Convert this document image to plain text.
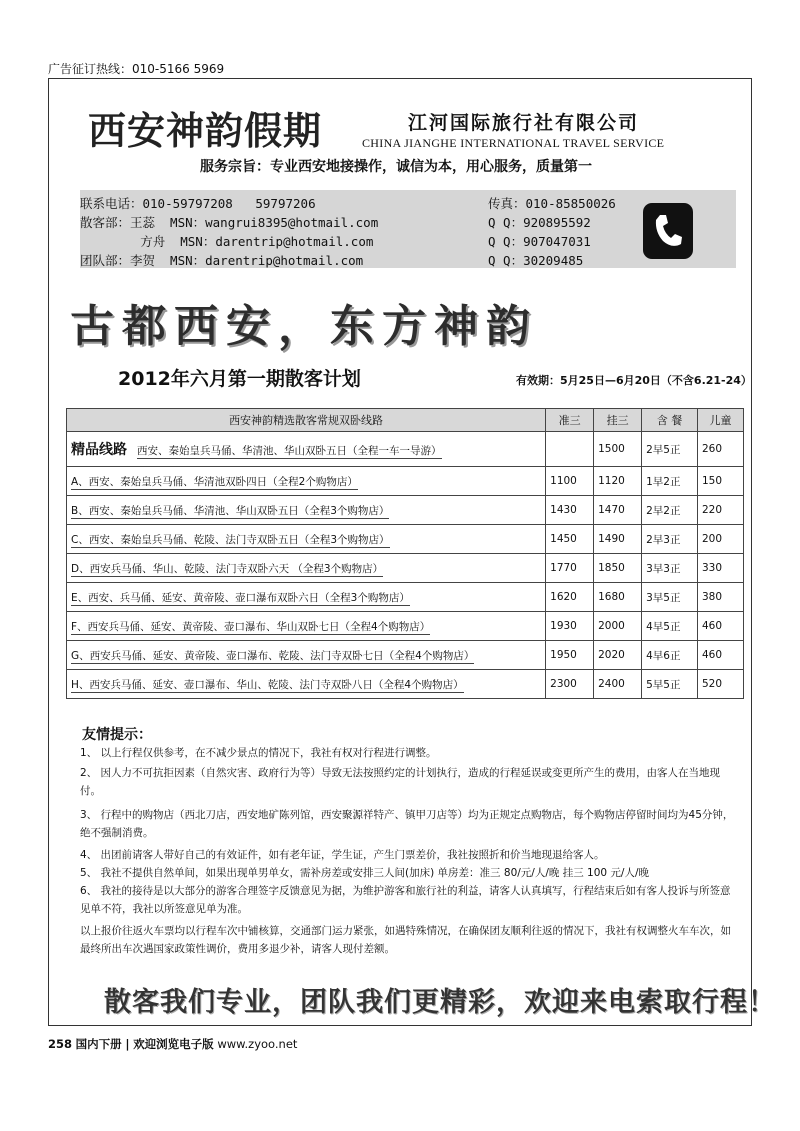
广告征订热线：010-5166 5969
西安神韵假期	江河国际旅行社有限公司
CHINA JIANGHE INTERNATIONAL TRAVEL SERVICE
服务宗旨：专业西安地接操作，诚信为本，用心服务，质量第一
联系电话：010-59797208   59797206	传真：010-85850026
散客部：王蕊  MSN：wangrui8395@hotmail.com	Q Q：920895592
方舟  MSN：darentrip@hotmail.com	Q Q：907047031
团队部：李贺  MSN：darentrip@hotmail.com	Q Q：30209485
古都西安，东方神韵
2012年六月第一期散客计划	有效期：5月25日—6月20日（不含6.21-24）
西安神韵精选散客常规双卧线路	准三	挂三	含 餐	儿童
精品线路 西安、秦始皇兵马俑、华清池、华山双卧五日（全程一车一导游）		1500	2早5正	260
A、西安、秦始皇兵马俑、华清池双卧四日（全程2个购物店）	1100	1120	1早2正	150
B、西安、秦始皇兵马俑、华清池、华山双卧五日（全程3个购物店）	1430	1470	2早2正	220
C、西安、秦始皇兵马俑、乾陵、法门寺双卧五日（全程3个购物店）	1450	1490	2早3正	200
D、西安兵马俑、华山、乾陵、法门寺双卧六天 （全程3个购物店）	1770	1850	3早3正	330
E、西安、兵马俑、延安、黄帝陵、壶口瀑布双卧六日（全程3个购物店）	1620	1680	3早5正	380
F、西安兵马俑、延安、黄帝陵、壶口瀑布、华山双卧七日（全程4个购物店）	1930	2000	4早5正	460
G、西安兵马俑、延安、黄帝陵、壶口瀑布、乾陵、法门寺双卧七日（全程4个购物店）	1950	2020	4早6正	460
H、西安兵马俑、延安、壶口瀑布、华山、乾陵、法门寺双卧八日（全程4个购物店）	2300	2400	5早5正	520
友情提示：
1、 以上行程仅供参考，在不减少景点的情况下，我社有权对行程进行调整。
2、 因人力不可抗拒因素（自然灾害、政府行为等）导致无法按照约定的计划执行，造成的行程延误或变更所产生的费用，由客人在当地现付。
3、 行程中的购物店（西北刀店，西安地矿陈列馆，西安聚源祥特产、镇甲刀店等）均为正规定点购物店，每个购物店停留时间均为45分钟，绝不强制消费。
4、 出团前请客人带好自己的有效证件，如有老年证，学生证，产生门票差价，我社按照折和价当地现退给客人。
5、 我社不提供自然单间，如果出现单男单女，需补房差或安排三人间(加床) 单房差：准三 80/元/人/晚 挂三 100 元/人/晚
6、 我社的接待是以大部分的游客合理签字反馈意见为据，为维护游客和旅行社的利益，请客人认真填写，行程结束后如有客人投诉与所签意见单不符，我社以所签意见单为准。
以上报价往返火车票均以行程车次中铺核算，交通部门运力紧张，如遇特殊情况，在确保团友顺利往返的情况下，我社有权调整火车车次，如最终所出车次遇国家政策性调价，费用多退少补，请客人现付差额。
散客我们专业，团队我们更精彩，欢迎来电索取行程！
258 国内下册 | 欢迎浏览电子版 www.zyoo.net
